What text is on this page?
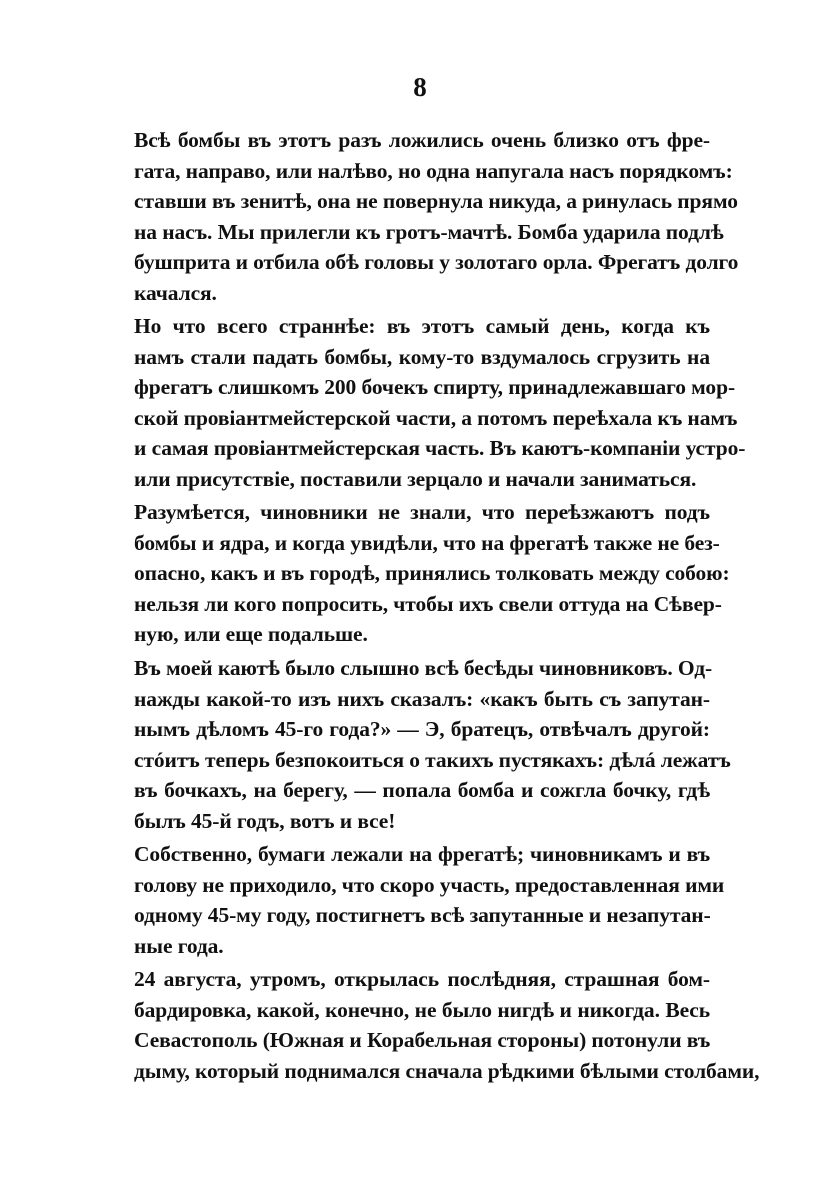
8
Всѣ бомбы въ этотъ разъ ложились очень близко отъ фре-
гата, направо, или налѣво, но одна напугала насъ порядкомъ:
ставши въ зенитѣ, она не повернула никуда, а ринулась прямо
на насъ. Мы прилегли къ гротъ-мачтѣ. Бомба ударила подлѣ
бушприта и отбила обѣ головы у золотаго орла. Фрегатъ долго
качался.
Но что всего страннѣе: въ этотъ самый день, когда къ
намъ стали падать бомбы, кому-то вздумалось сгрузить на
фрегатъ слишкомъ 200 бочекъ спирту, принадлежавшаго мор-
ской провіантмейстерской части, а потомъ переѣхала къ намъ
и самая провіантмейстерская часть. Въ каютъ-компаніи устро-
или присутствіе, поставили зерцало и начали заниматься.
Разумѣется, чиновники не знали, что переѣзжаютъ подъ
бомбы и ядра, и когда увидѣли, что на фрегатѣ также не без-
опасно, какъ и въ городѣ, принялись толковать между собою:
нельзя ли кого попросить, чтобы ихъ свели оттуда на Сѣвер-
ную, или еще подальше.
Въ моей каютѣ было слышно всѣ бесѣды чиновниковъ. Од-
нажды какой-то изъ нихъ сказалъ: «какъ быть съ запутан-
нымъ дѣломъ 45-го года?» — Э, братецъ, отвѣчалъ другой:
стóитъ теперь безпокоиться о такихъ пустякахъ: дѣлá лежатъ
въ бочкахъ, на берегу, — попала бомба и сожгла бочку, гдѣ
былъ 45-й годъ, вотъ и все!
Собственно, бумаги лежали на фрегатѣ; чиновникамъ и въ
голову не приходило, что скоро участь, предоставленная ими
одному 45-му году, постигнетъ всѣ запутанные и незапутан-
ные года.
24 августа, утромъ, открылась послѣдняя, страшная бом-
бардировка, какой, конечно, не было нигдѣ и никогда. Весь
Севастополь (Южная и Корабельная стороны) потонули въ
дыму, который поднимался сначала рѣдкими бѣлыми столбами,
